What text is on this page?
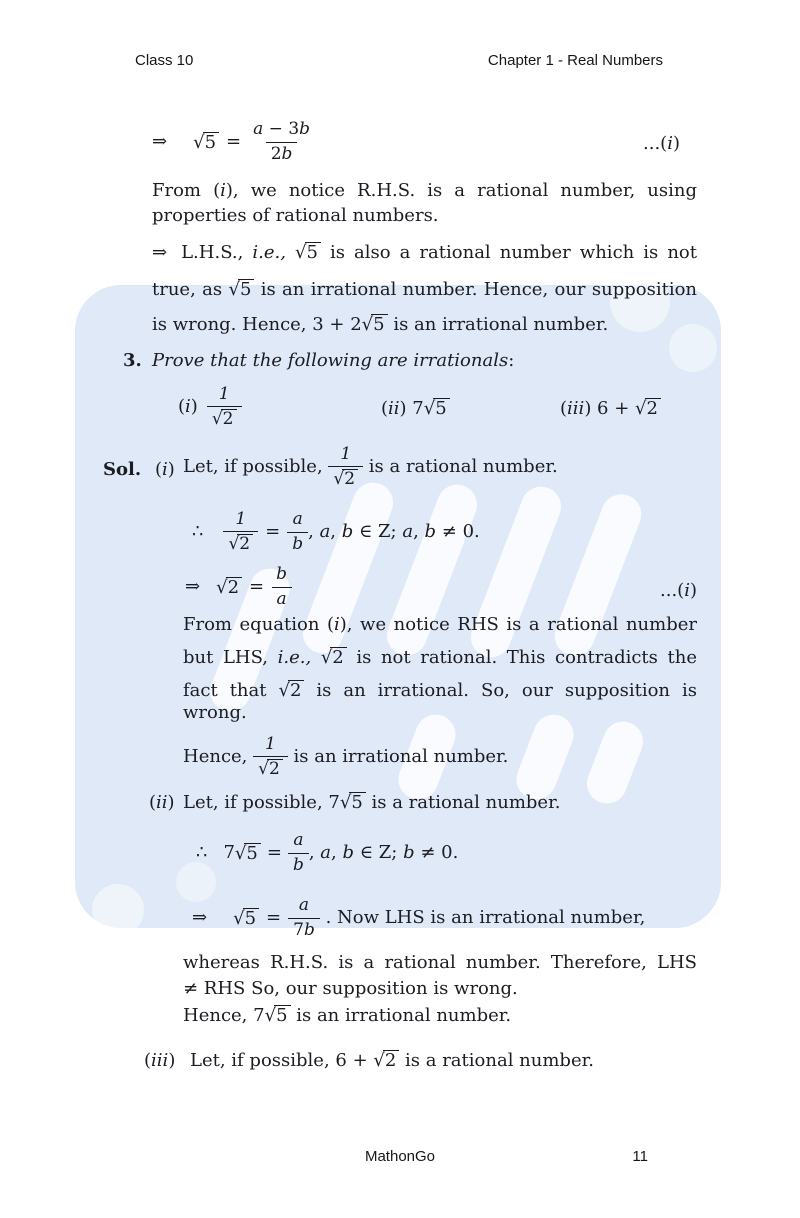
Class 10	Chapter 1 - Real Numbers
⇒ $√5 = \frac{a - 3b}{2b}$	...(i)
From (i), we notice R.H.S. is a rational number, using
properties of rational numbers.
⇒ L.H.S., i.e., √5 is also a rational number which is not
true, as √5 is an irrational number. Hence, our supposition
is wrong. Hence, 3 + 2√5 is an irrational number.
3. Prove that the following are irrationals:
( i ) $\frac{1}{√2}$	(ii) 7√5	(iii) 6 + √2
Sol. (i) Let, if possible, $\frac{1}{√2}$ is a rational number.
∴ $\frac{1}{√2} = \frac{a}{b}$ , a , b ∈ Z; a , b ≠ 0.
⇒ $√2 = \frac{b}{a}$	...(i)
From equation (i), we notice RHS is a rational number
but LHS, i.e., √2 is not rational. This contradicts the
fact that √2 is an irrational. So, our supposition is
wrong.
Hence, $\frac{1}{√2}$ is an irrational number.
(ii) Let, if possible, 7√5 is a rational number.
∴ 7 $√5 = \frac{a}{b}$ , a , b ∈ Z; b ≠ 0.
⇒ $√5 = \frac{a}{7b}$ . Now LHS is an irrational number,
whereas R.H.S. is a rational number. Therefore, LHS
≠ RHS So, our supposition is wrong.
Hence, 7√5 is an irrational number.
(iii) Let, if possible, 6 + √2 is a rational number.
MathonGo	11
